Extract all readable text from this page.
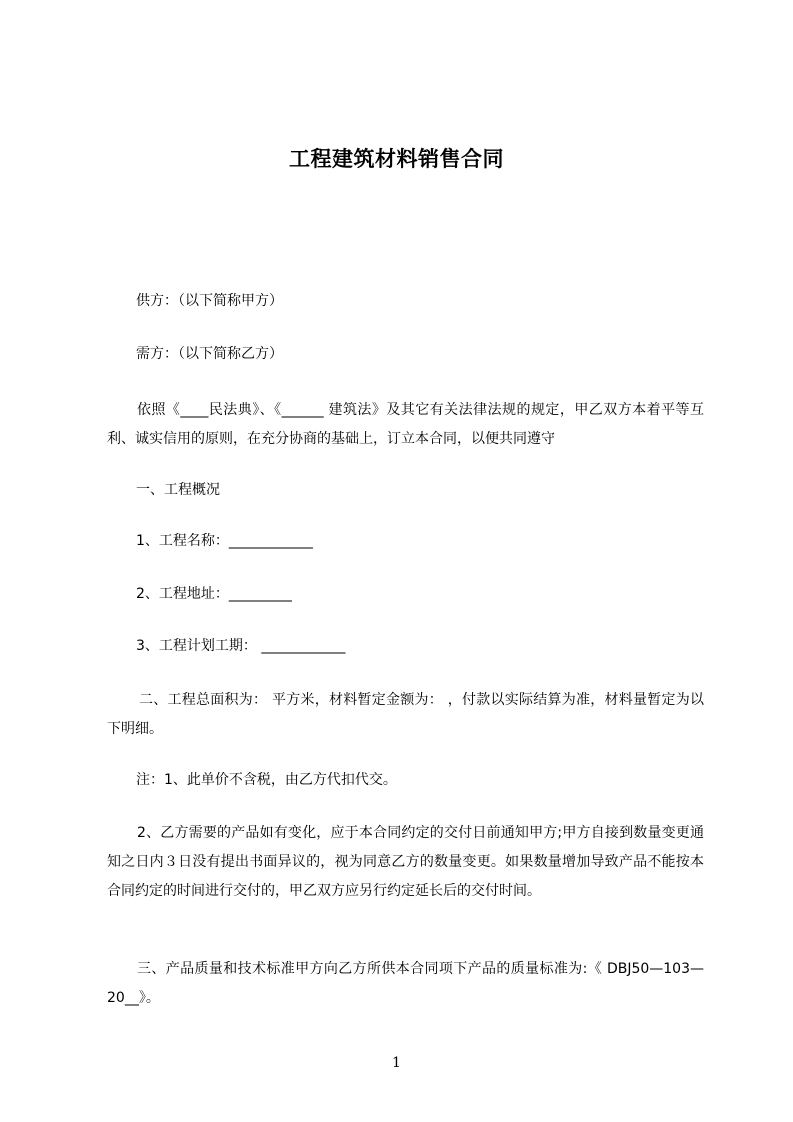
工程建筑材料销售合同
供方：（以下简称甲方）
需方：（以下简称乙方）
依照《____民法典》、《______ 建筑法》及其它有关法律法规的规定，甲乙双方本着平等互利、诚实信用的原则，在充分协商的基础上，订立本合同，以便共同遵守
一、工程概况
1、工程名称：____________
2、工程地址：_________
3、工程计划工期： ____________
二、工程总面积为： 平方米，材料暂定金额为： ，付款以实际结算为准，材料量暂定为以下明细。
注：1、此单价不含税，由乙方代扣代交。
2、乙方需要的产品如有变化，应于本合同约定的交付日前通知甲方;甲方自接到数量变更通知之日内３日没有提出书面异议的，视为同意乙方的数量变更。如果数量增加导致产品不能按本合同约定的时间进行交付的，甲乙双方应另行约定延长后的交付时间。
三、产品质量和技术标准甲方向乙方所供本合同项下产品的质量标准为:《 DBJ50—103—20__》。
1
